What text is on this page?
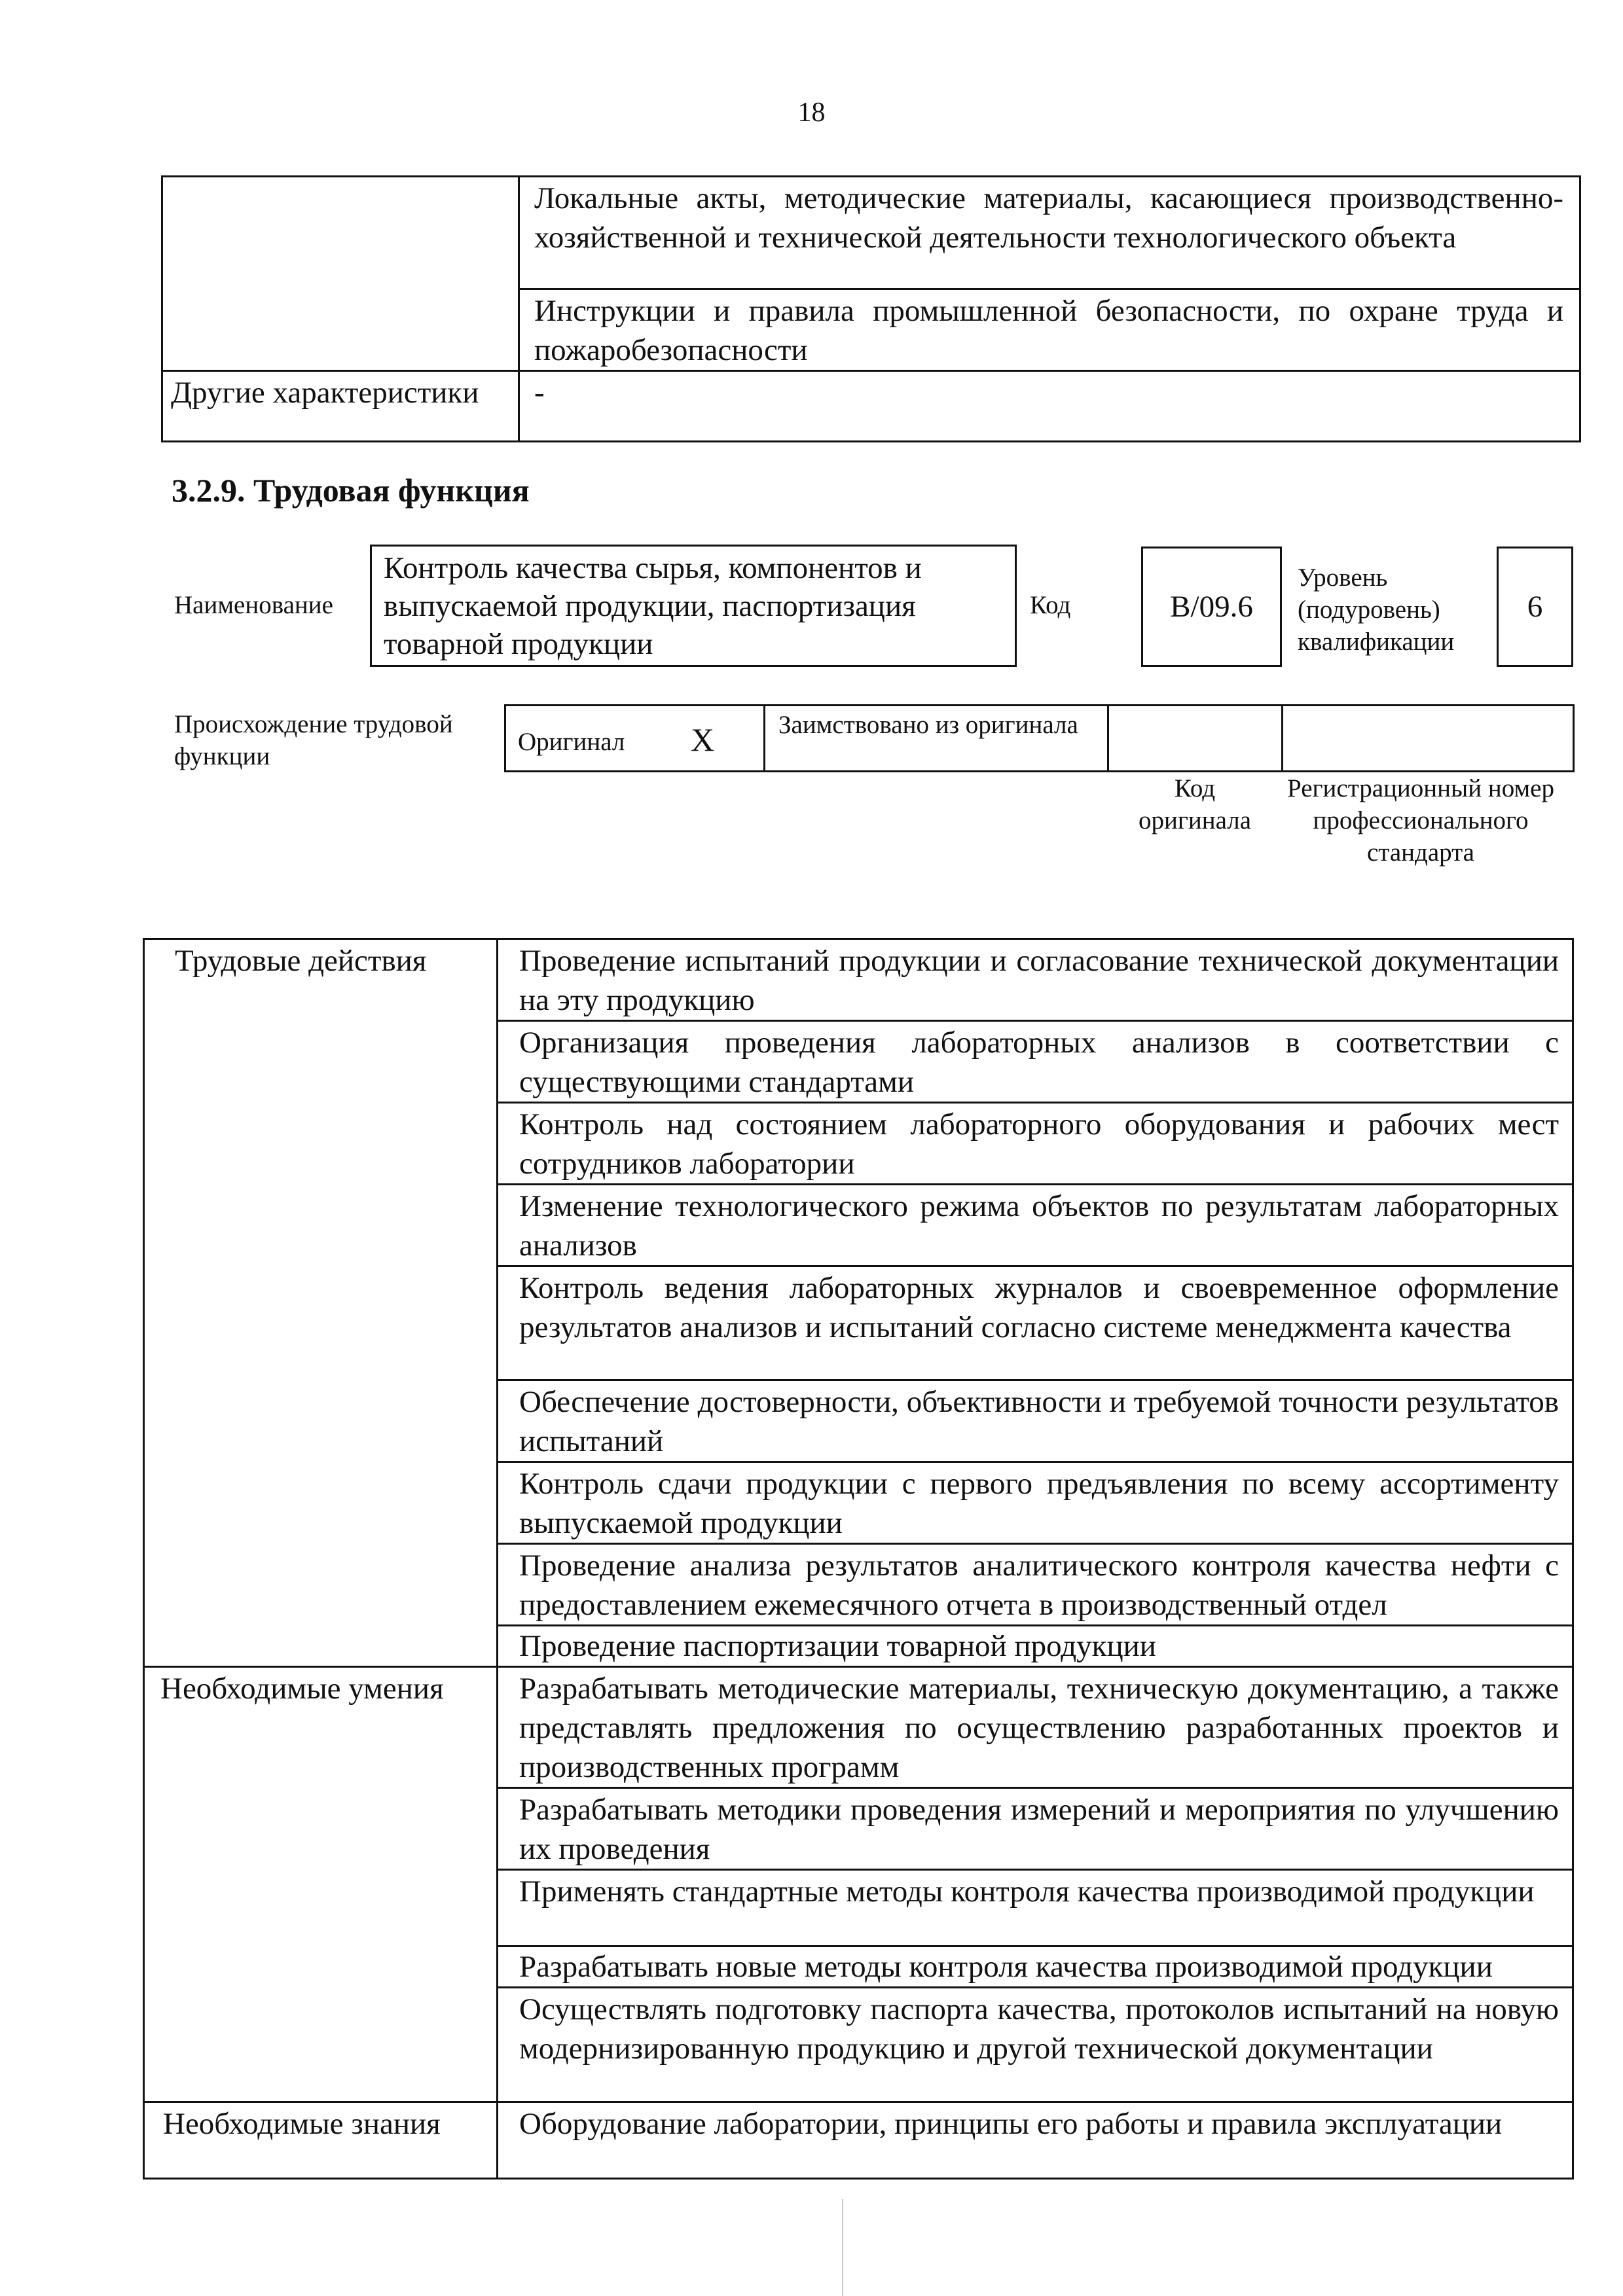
18

	Локальные акты, методические материалы, касающиеся производственно-хозяйственной и технической деятельности технологического объекта

	Инструкции и правила промышленной безопасности, по охране труда и пожаробезопасности

Другие характеристики	-
3.2.9. Трудовая функция
Наименование
Контроль качества сырья, компонентов и выпускаемой продукции, паспортизация товарной продукции
Код	B/09.6
Уровень (подуровень) квалификации
6
Происхождение трудовой функции
Оригинал X	Заимствовано из оригинала
Код оригинала
Регистрационный номер профессионального стандарта
Трудовые действия	Проведение испытаний продукции и согласование технической документации на эту продукцию

	Организация проведения лабораторных анализов в соответствии с существующими стандартами

	Контроль над состоянием лабораторного оборудования и рабочих мест сотрудников лаборатории

	Изменение технологического режима объектов по результатам лабораторных анализов

	Контроль ведения лабораторных журналов и своевременное оформление результатов анализов и испытаний согласно системе менеджмента качества

	Обеспечение достоверности, объективности и требуемой точности результатов испытаний

	Контроль сдачи продукции с первого предъявления по всему ассортименту выпускаемой продукции

	Проведение анализа результатов аналитического контроля качества нефти с предоставлением ежемесячного отчета в производственный отдел

	Проведение паспортизации товарной продукции

Необходимые умения	Разрабатывать методические материалы, техническую документацию, а также представлять предложения по осуществлению разработанных проектов и производственных программ

	Разрабатывать методики проведения измерений и мероприятия по улучшению их проведения

	Применять стандартные методы контроля качества производимой продукции

	Разрабатывать новые методы контроля качества производимой продукции

	Осуществлять подготовку паспорта качества, протоколов испытаний на новую модернизированную продукцию и другой технической документации

Необходимые знания	Оборудование лаборатории, принципы его работы и правила эксплуатации
